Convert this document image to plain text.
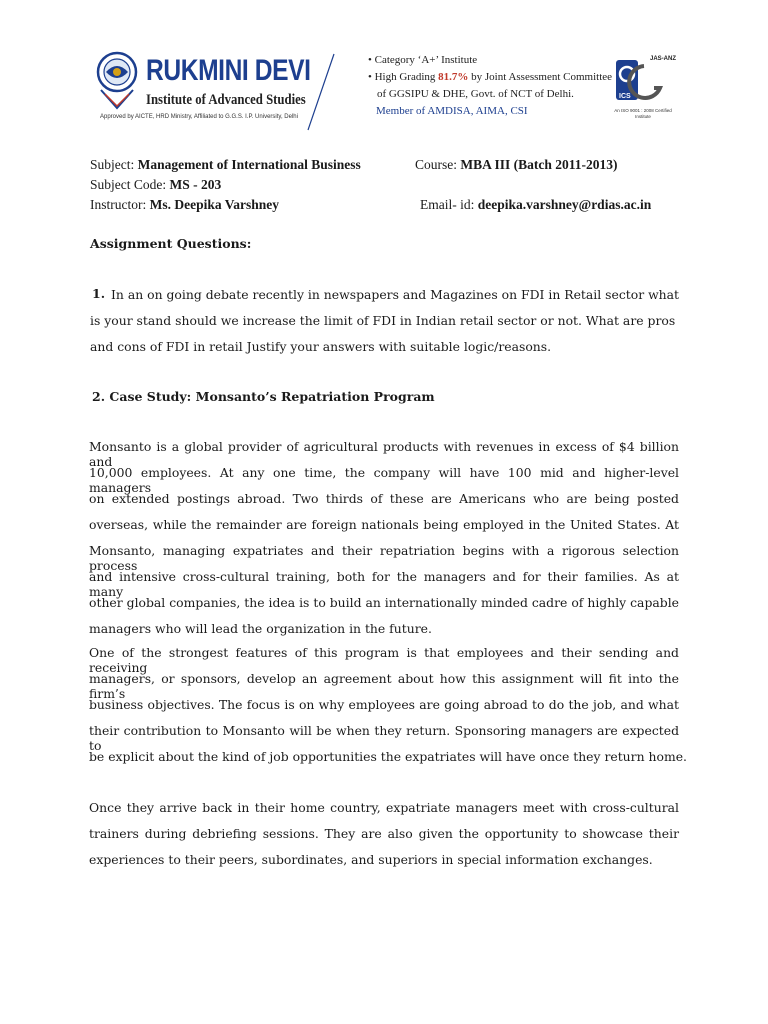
RUKMINI DEVI
Institute of Advanced Studies
Approved by AICTE, HRD Ministry, Affiliated to G.G.S. I.P. University, Delhi
• Category ‘A+’ Institute
• High Grading 81.7% by Joint Assessment Committee
of GGSIPU & DHE, Govt. of NCT of Delhi.
Member of AMDISA, AIMA, CSI
ICS
JAS-ANZ
An ISO 9001 : 2008 Certified Institute
Subject: Management of International Business	Course: MBA III (Batch 2011-2013)
Subject Code: MS - 203
Instructor: Ms. Deepika Varshney	Email- id: deepika.varshney@rdias.ac.in
Assignment Questions:
1. In an on going debate recently in newspapers and Magazines on FDI in Retail sector what
is your stand should we increase the limit of FDI in Indian retail sector or not. What are pros
and cons of FDI in retail Justify your answers with suitable logic/reasons.
2. Case Study: Monsanto’s Repatriation Program
Monsanto is a global provider of agricultural products with revenues in excess of $4 billion and
10,000 employees. At any one time, the company will have 100 mid and higher-level managers
on extended postings abroad. Two thirds of these are Americans who are being posted
overseas, while the remainder are foreign nationals being employed in the United States. At
Monsanto, managing expatriates and their repatriation begins with a rigorous selection process
and intensive cross-cultural training, both for the managers and for their families. As at many
other global companies, the idea is to build an internationally minded cadre of highly capable
managers who will lead the organization in the future.
One of the strongest features of this program is that employees and their sending and receiving
managers, or sponsors, develop an agreement about how this assignment will fit into the firm’s
business objectives. The focus is on why employees are going abroad to do the job, and what
their contribution to Monsanto will be when they return. Sponsoring managers are expected to
be explicit about the kind of job opportunities the expatriates will have once they return home.
Once they arrive back in their home country, expatriate managers meet with cross-cultural
trainers during debriefing sessions. They are also given the opportunity to showcase their
experiences to their peers, subordinates, and superiors in special information exchanges.
